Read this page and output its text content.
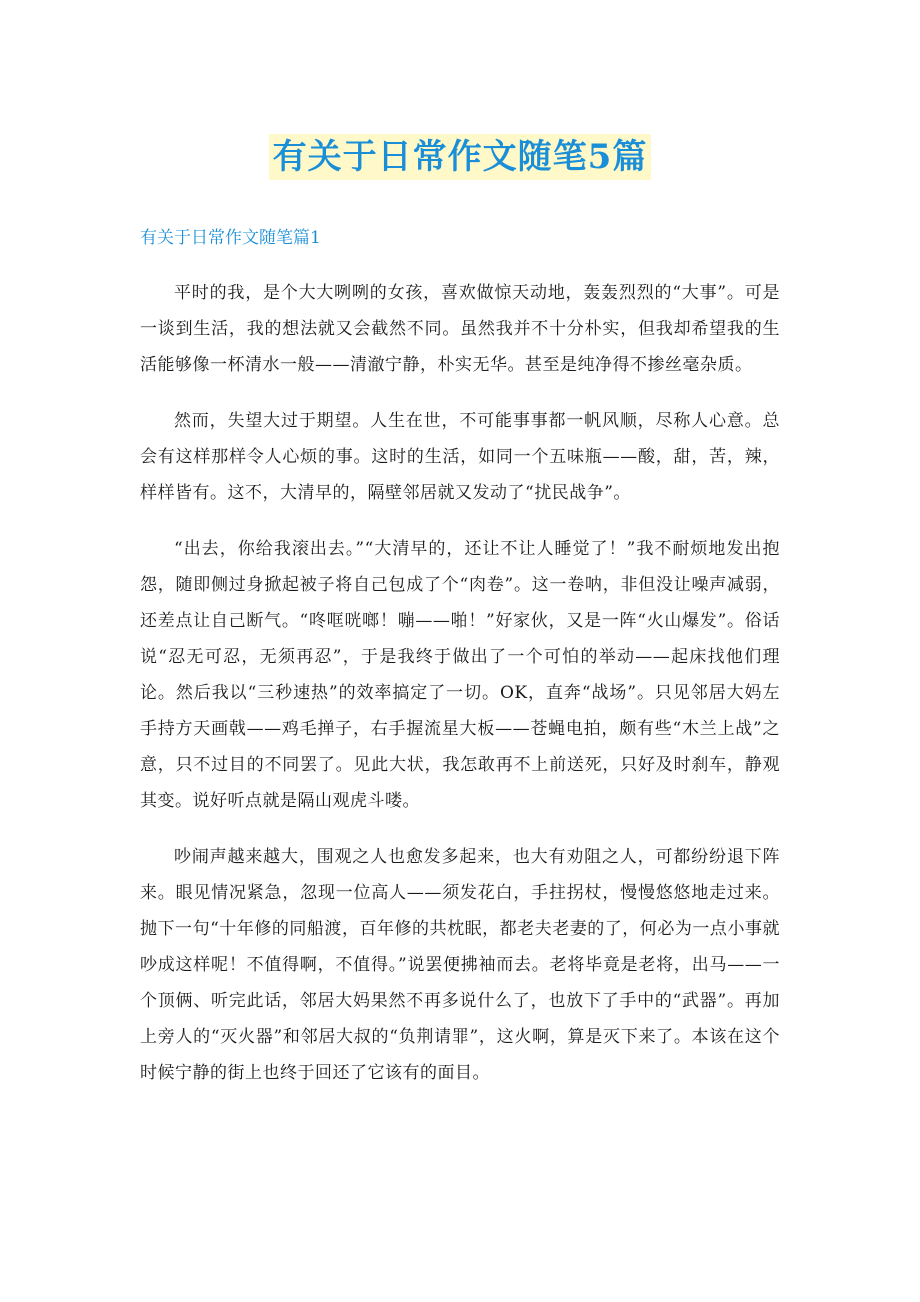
有关于日常作文随笔5篇
有关于日常作文随笔篇1

平时的我，是个大大咧咧的女孩，喜欢做惊天动地，轰轰烈烈的“大事”。可是一谈到生活，我的想法就又会截然不同。虽然我并不十分朴实，但我却希望我的生活能够像一杯清水一般——清澈宁静，朴实无华。甚至是纯净得不掺丝毫杂质。

然而，失望大过于期望。人生在世，不可能事事都一帆风顺，尽称人心意。总会有这样那样令人心烦的事。这时的生活，如同一个五味瓶——酸，甜，苦，辣，样样皆有。这不，大清早的，隔壁邻居就又发动了“扰民战争”。

“出去，你给我滚出去。”“大清早的，还让不让人睡觉了！”我不耐烦地发出抱怨，随即侧过身掀起被子将自己包成了个“肉卷”。这一卷呐，非但没让噪声减弱，还差点让自己断气。“咚哐咣啷！嘣——啪！”好家伙，又是一阵“火山爆发”。俗话说“忍无可忍，无须再忍”，于是我终于做出了一个可怕的举动——起床找他们理论。然后我以“三秒速热”的效率搞定了一切。OK，直奔“战场”。只见邻居大妈左手持方天画戟——鸡毛掸子，右手握流星大板——苍蝇电拍，颇有些“木兰上战”之意，只不过目的不同罢了。见此大状，我怎敢再不上前送死，只好及时刹车，静观其变。说好听点就是隔山观虎斗喽。

吵闹声越来越大，围观之人也愈发多起来，也大有劝阻之人，可都纷纷退下阵来。眼见情况紧急，忽现一位高人——须发花白，手拄拐杖，慢慢悠悠地走过来。抛下一句“十年修的同船渡，百年修的共枕眠，都老夫老妻的了，何必为一点小事就吵成这样呢！不值得啊，不值得。”说罢便拂袖而去。老将毕竟是老将，出马——一个顶俩、听完此话，邻居大妈果然不再多说什么了，也放下了手中的“武器”。再加上旁人的“灭火器”和邻居大叔的“负荆请罪”，这火啊，算是灭下来了。本该在这个时候宁静的街上也终于回还了它该有的面目。
